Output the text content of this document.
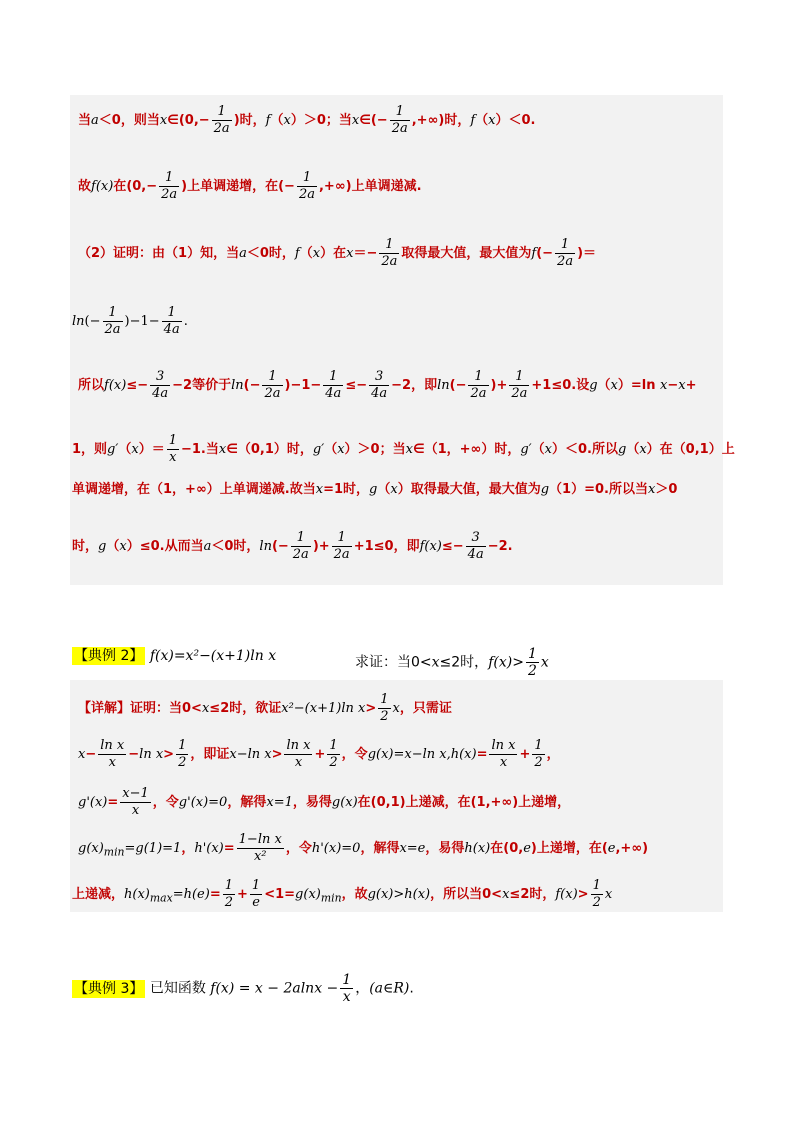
当a＜0，则当x∈(0,− $\frac{1}{2a}$ )时，f（x）＞0；当x∈(− $\frac{1}{2a}$ ,+∞)时，f（x）＜0.
故f(x)在($0,- \frac{1}{2a}$ )上单调递增，在(− $\frac{1}{2a}$ ,+∞)上单调递减.
（2）证明：由（1）知，当a＜0时，f（x）在$x=- \frac{1}{2a}$ 取得最大值，最大值为$f(- \frac{1}{2a}$ )＝
$\ln(- \frac{1}{2a} )-1- \frac{1}{4a}$ .
所以$f(x)\le- \frac{3}{4a} -2$等价于$\ln(- \frac{1}{2a} )-1- \frac{1}{4a} \le- \frac{3}{4a} -2$，即$\ln(- \frac{1}{2a}$ )+ $\frac{1}{2a} +1\le 0$.设g（x）=ln x−x+
1，则$g'(x)= \frac{1}{x} -1$.当x∈（0,1）时，g′（x）＞0；当x∈（1，+∞）时，g′（x）＜0.所以g（x）在（0,1）上
单调递增，在（1，+∞）上单调递减.故当x=1时，g（x）取得最大值，最大值为g（1）=0.所以当x＞0
时，g（x）≤0.从而当a＜0时，$\ln(- \frac{1}{2a}$ )+ $\frac{1}{2a} +1\le 0$，即$f(x)\le- \frac{3}{4a} -2$.
【典例 2】 f(x)=x²−(x+1)ln x	求证：当0<x≤2时，$f(x)> \frac{1}{2}$ x
【详解】证明：当0<x≤2时，欲证x²−(x+1)ln $x> \frac{1}{2}$ x，只需证
$x- \frac{\text{ln x}}{x} -\ln$ $x> \frac{1}{2}$ ，即证x−ln $x> \frac{\text{ln x}}{x} + \frac{1}{2}$ ，令g(x)=x−ln $x,h(x)= \frac{\text{ln x}}{x} + \frac{1}{2}$ ，
$g'(x)= \frac{x-1}{x}$ ，令g'(x)=0，解得x=1，易得g(x)在(0,1)上递减，在(1,+∞)上递增，
$g(x)_{min}=g(1)=1$，$h'(x)= \frac{\text{1−ln x}}{\text{x²}}$ ，令h'(x)=0，解得x=e，易得h(x)在(0,e)上递增，在(e,+∞)
上递减，$h(x)_{max}=h(e)= \frac{1}{2} + \frac{1}{e} <1=g(x)_{min}$，故g(x)>h(x)，所以当0<x≤2时，$f(x)> \frac{1}{2}$ x
【典例 3】 已知函数 $f(x) = x - 2alnx - \frac{1}{x}$ ，(a∈R).
